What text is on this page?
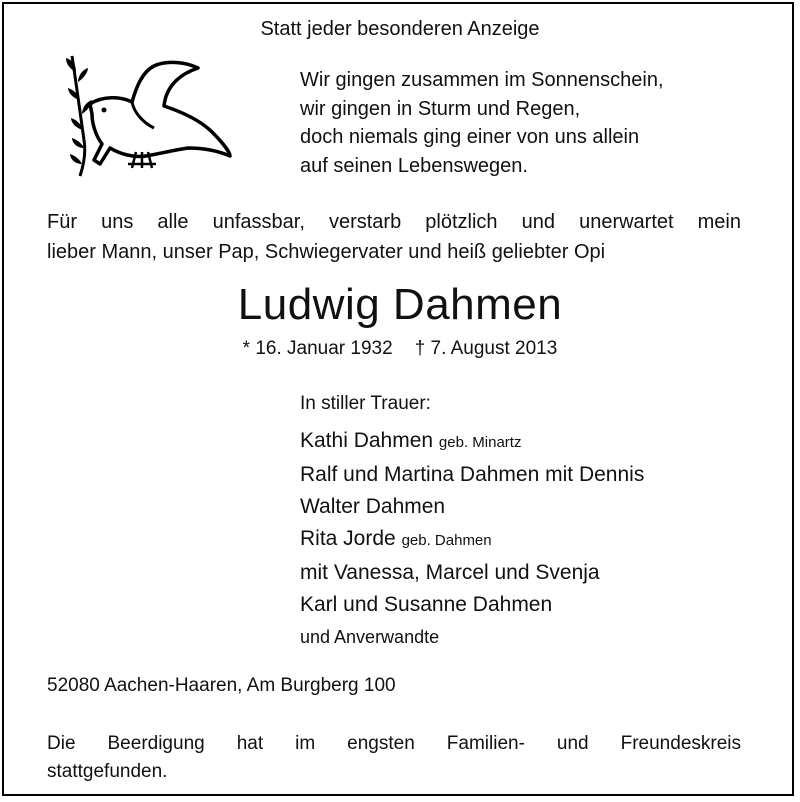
Statt jeder besonderen Anzeige
Wir gingen zusammen im Sonnenschein,
wir gingen in Sturm und Regen,
doch niemals ging einer von uns allein
auf seinen Lebenswegen.
Für uns alle unfassbar, verstarb plötzlich und unerwartet mein
lieber Mann, unser Pap, Schwiegervater und heiß geliebter Opi
Ludwig Dahmen
* 16. Januar 1932 † 7. August 2013
In stiller Trauer:
Kathi Dahmen geb. Minartz
Ralf und Martina Dahmen mit Dennis
Walter Dahmen
Rita Jorde geb. Dahmen
mit Vanessa, Marcel und Svenja
Karl und Susanne Dahmen
und Anverwandte
52080 Aachen-Haaren, Am Burgberg 100
Die Beerdigung hat im engsten Familien- und Freundeskreis
stattgefunden.
